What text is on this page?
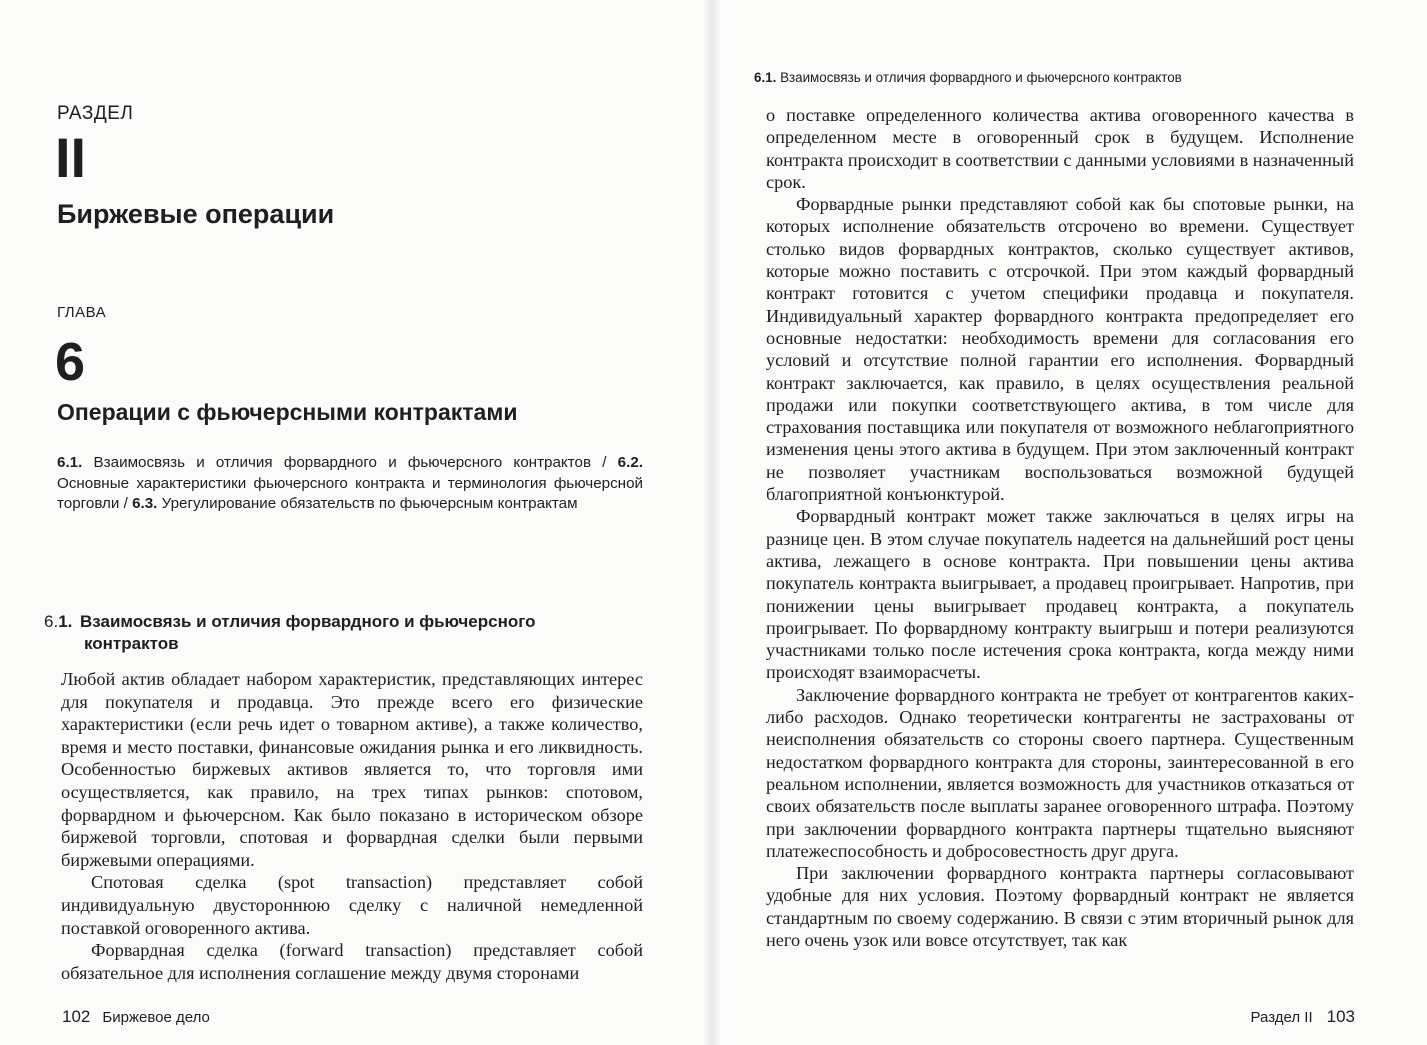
РАЗДЕЛ
II
Биржевые операции
ГЛАВА
6
Операции с фьючерсными контрактами
6.1. Взаимосвязь и отличия форвардного и фьючерсного контрактов / 6.2. Основные характеристики фьючерсного контракта и терминология фьючерсной торговли / 6.3. Урегулирование обязательств по фьючерсным контрактам
6.1. Взаимосвязь и отличия форвардного и фьючерсного
контрактов

Любой актив обладает набором характеристик, представляющих интерес для покупателя и продавца. Это прежде всего его физические характеристики (если речь идет о товарном активе), а также количество, время и место поставки, финансовые ожидания рынка и его ликвидность. Особенностью биржевых активов является то, что торговля ими осуществляется, как правило, на трех типах рынков: спотовом, форвардном и фьючерсном. Как было показано в историческом обзоре биржевой торговли, спотовая и форвардная сделки были первыми биржевыми операциями.

Спотовая сделка (spot transaction) представляет собой индивидуальную двустороннюю сделку с наличной немедленной поставкой оговоренного актива.

Форвардная сделка (forward transaction) представляет собой обязательное для исполнения соглашение между двумя сторонами

102 Биржевое дело
6.1. Взаимосвязь и отличия форвардного и фьючерсного контрактов

о поставке определенного количества актива оговоренного качества в определенном месте в оговоренный срок в будущем. Исполнение контракта происходит в соответствии с данными условиями в назначенный срок.

Форвардные рынки представляют собой как бы спотовые рынки, на которых исполнение обязательств отсрочено во времени. Существует столько видов форвардных контрактов, сколько существует активов, которые можно поставить с отсрочкой. При этом каждый форвардный контракт готовится с учетом специфики продавца и покупателя. Индивидуальный характер форвардного контракта предопределяет его основные недостатки: необходимость времени для согласования его условий и отсутствие полной гарантии его исполнения. Форвардный контракт заключается, как правило, в целях осуществления реальной продажи или покупки соответствующего актива, в том числе для страхования поставщика или покупателя от возможного неблагоприятного изменения цены этого актива в будущем. При этом заключенный контракт не позволяет участникам воспользоваться возможной будущей благоприятной конъюнктурой.

Форвардный контракт может также заключаться в целях игры на разнице цен. В этом случае покупатель надеется на дальнейший рост цены актива, лежащего в основе контракта. При повышении цены актива покупатель контракта выигрывает, а продавец проигрывает. Напротив, при понижении цены выигрывает продавец контракта, а покупатель проигрывает. По форвардному контракту выигрыш и потери реализуются участниками только после истечения срока контракта, когда между ними происходят взаиморасчеты.

Заключение форвардного контракта не требует от контрагентов каких-либо расходов. Однако теоретически контрагенты не застрахованы от неисполнения обязательств со стороны своего партнера. Существенным недостатком форвардного контракта для стороны, заинтересованной в его реальном исполнении, является возможность для участников отказаться от своих обязательств после выплаты заранее оговоренного штрафа. Поэтому при заключении форвардного контракта партнеры тщательно выясняют платежеспособность и добросовестность друг друга.

При заключении форвардного контракта партнеры согласовывают удобные для них условия. Поэтому форвардный контракт не является стандартным по своему содержанию. В связи с этим вторичный рынок для него очень узок или вовсе отсутствует, так как

Раздел II 103
